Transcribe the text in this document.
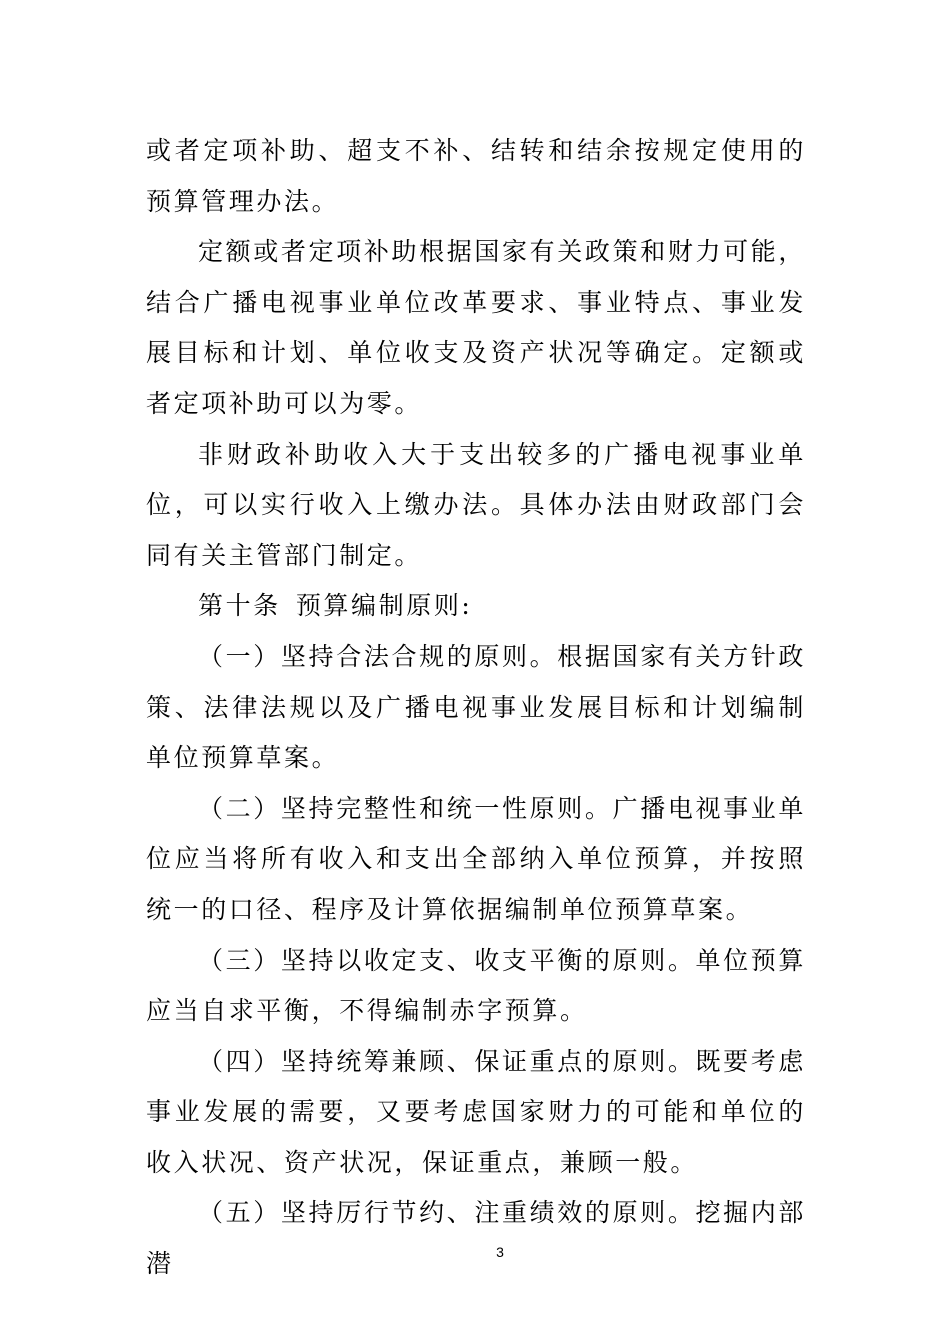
或者定项补助、超支不补、结转和结余按规定使用的预算管理办法。

定额或者定项补助根据国家有关政策和财力可能，结合广播电视事业单位改革要求、事业特点、事业发展目标和计划、单位收支及资产状况等确定。定额或者定项补助可以为零。

非财政补助收入大于支出较多的广播电视事业单位，可以实行收入上缴办法。具体办法由财政部门会同有关主管部门制定。

第十条 预算编制原则:

（一）坚持合法合规的原则。根据国家有关方针政策、法律法规以及广播电视事业发展目标和计划编制单位预算草案。

（二）坚持完整性和统一性原则。广播电视事业单位应当将所有收入和支出全部纳入单位预算，并按照统一的口径、程序及计算依据编制单位预算草案。

（三）坚持以收定支、收支平衡的原则。单位预算应当自求平衡，不得编制赤字预算。

（四）坚持统筹兼顾、保证重点的原则。既要考虑事业发展的需要，又要考虑国家财力的可能和单位的收入状况、资产状况，保证重点，兼顾一般。

（五）坚持厉行节约、注重绩效的原则。挖掘内部潜	3
